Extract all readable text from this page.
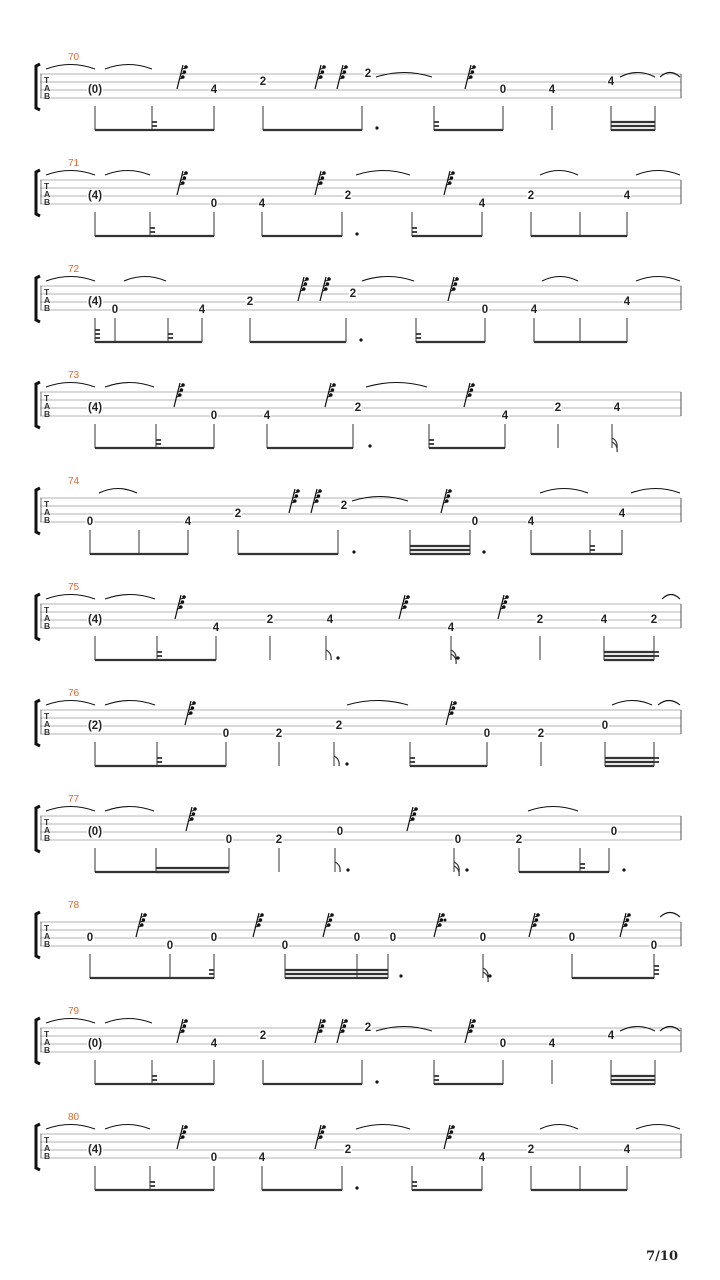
70
T
A
B	(0)	4
2
2
0	4
4
71
T
A
B	(4)
0	4
2
4
2	4
72
T
A
B	(4)
0	4
2
2
0	4
4
73
T
A
B	(4)
0	4
2
4
2	4
74
T
A
B	0	4
2
2
0	4
4
75
T
A
B	(4)
4
2	4
4
2	4	2
76
T
A
B	(2)
0	2
2
0	2
0
77
T
A
B	(0)
0	2
0
0	2
0
78
T
A
B	0
0
0
0
0	0	0	0
0
79
T
A
B	(0)	4
2
2
0	4
4
80
T
A
B	(4)
0	4
2
4
2	4
7/10
